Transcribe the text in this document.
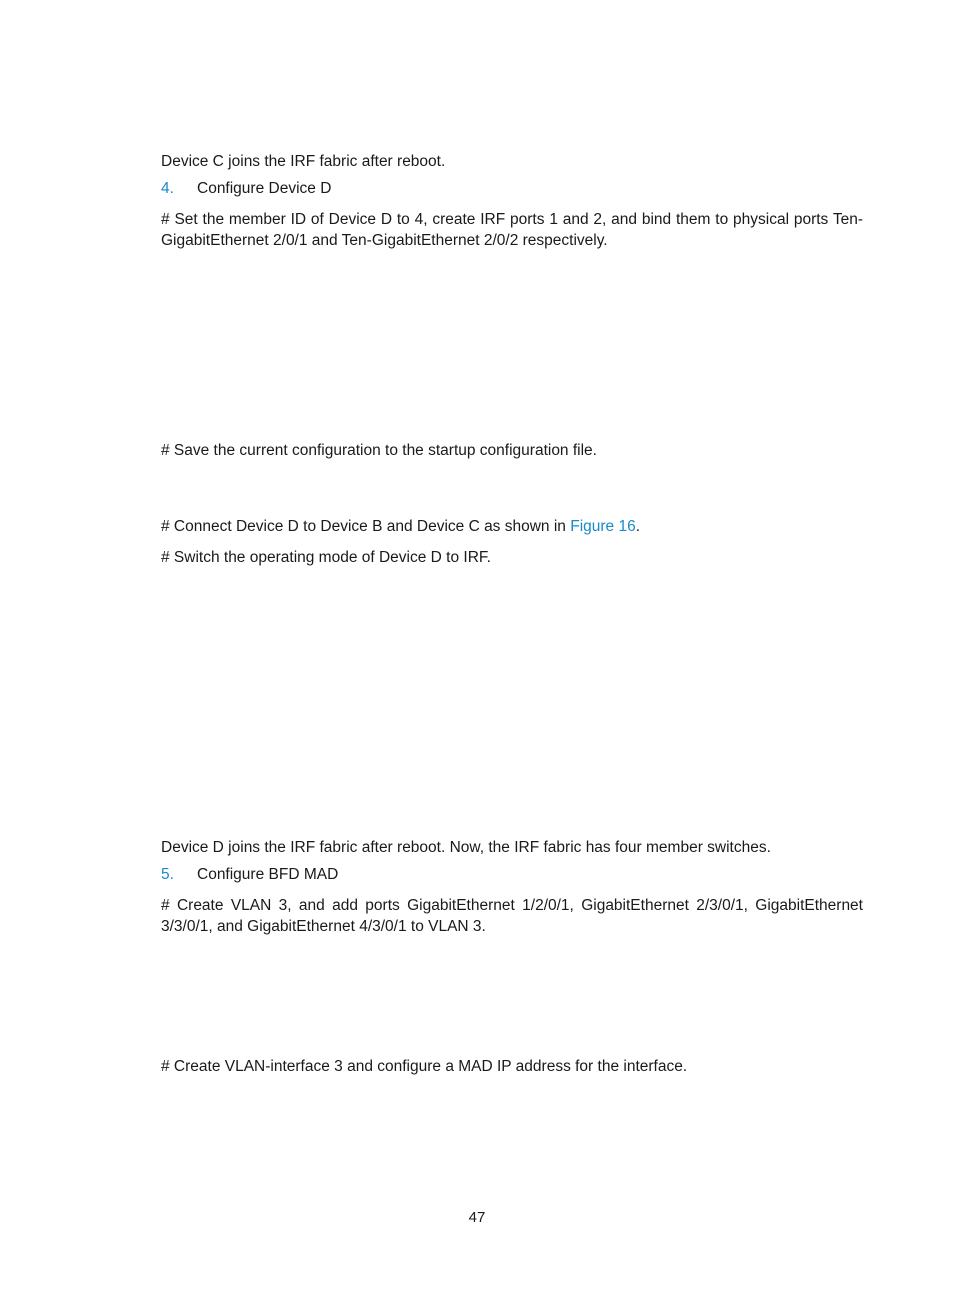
Device C joins the IRF fabric after reboot.
4. Configure Device D
# Set the member ID of Device D to 4, create IRF ports 1 and 2, and bind them to physical ports Ten-GigabitEthernet 2/0/1 and Ten-GigabitEthernet 2/0/2 respectively.
# Save the current configuration to the startup configuration file.
# Connect Device D to Device B and Device C as shown in Figure 16.
# Switch the operating mode of Device D to IRF.
Device D joins the IRF fabric after reboot. Now, the IRF fabric has four member switches.
5. Configure BFD MAD
# Create VLAN 3, and add ports GigabitEthernet 1/2/0/1, GigabitEthernet 2/3/0/1, GigabitEthernet 3/3/0/1, and GigabitEthernet 4/3/0/1 to VLAN 3.
# Create VLAN-interface 3 and configure a MAD IP address for the interface.
47
